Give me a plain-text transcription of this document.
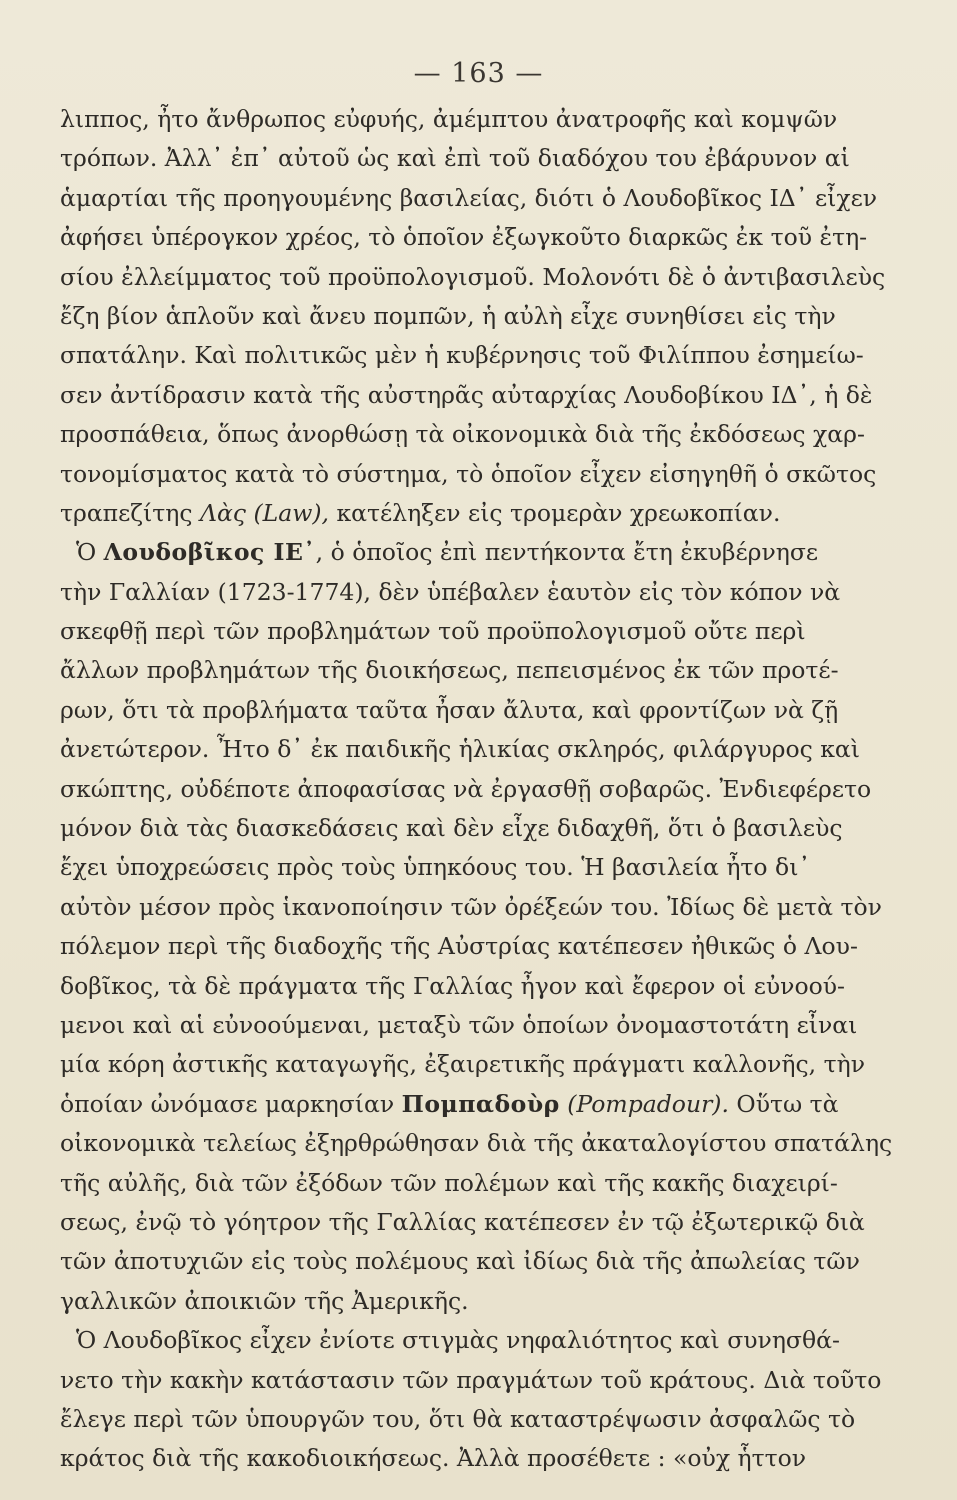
— 163 —
λιππος, ἦτο ἄνθρωπος εὐφυής, ἀμέμπτου ἀνατροφῆς καὶ κομψῶν
τρόπων. Ἀλλ᾽ ἐπ᾽ αὐτοῦ ὡς καὶ ἐπὶ τοῦ διαδόχου του ἐβάρυνον αἱ
ἁμαρτίαι τῆς προηγουμένης βασιλείας, διότι ὁ Λουδοβῖκος ΙΔ᾽ εἶχεν
ἀφήσει ὑπέρογκον χρέος, τὸ ὁποῖον ἐξωγκοῦτο διαρκῶς ἐκ τοῦ ἐτη-
σίου ἐλλείμματος τοῦ προϋπολογισμοῦ. Μολονότι δὲ ὁ ἀντιβασιλεὺς
ἔζη βίον ἁπλοῦν καὶ ἄνευ πομπῶν, ἡ αὐλὴ εἶχε συνηθίσει εἰς τὴν
σπατάλην. Καὶ πολιτικῶς μὲν ἡ κυβέρνησις τοῦ Φιλίππου ἐσημείω-
σεν ἀντίδρασιν κατὰ τῆς αὐστηρᾶς αὐταρχίας Λουδοβίκου ΙΔ᾽, ἡ δὲ
προσπάθεια, ὅπως ἀνορθώσῃ τὰ οἰκονομικὰ διὰ τῆς ἐκδόσεως χαρ-
τονομίσματος κατὰ τὸ σύστημα, τὸ ὁποῖον εἶχεν εἰσηγηθῆ ὁ σκῶτος
τραπεζίτης Λὰς (Law), κατέληξεν εἰς τρομερὰν χρεωκοπίαν.
Ὁ Λουδοβῖκος ΙΕ᾽, ὁ ὁποῖος ἐπὶ πεντήκοντα ἔτη ἐκυβέρνησε
τὴν Γαλλίαν (1723-1774), δὲν ὑπέβαλεν ἑαυτὸν εἰς τὸν κόπον νὰ
σκεφθῇ περὶ τῶν προβλημάτων τοῦ προϋπολογισμοῦ οὔτε περὶ
ἄλλων προβλημάτων τῆς διοικήσεως, πεπεισμένος ἐκ τῶν προτέ-
ρων, ὅτι τὰ προβλήματα ταῦτα ἦσαν ἄλυτα, καὶ φροντίζων νὰ ζῇ
ἀνετώτερον. Ἦτο δ᾽ ἐκ παιδικῆς ἡλικίας σκληρός, φιλάργυρος καὶ
σκώπτης, οὐδέποτε ἀποφασίσας νὰ ἐργασθῇ σοβαρῶς. Ἐνδιεφέρετο
μόνον διὰ τὰς διασκεδάσεις καὶ δὲν εἶχε διδαχθῆ, ὅτι ὁ βασιλεὺς
ἔχει ὑποχρεώσεις πρὸς τοὺς ὑπηκόους του. Ἡ βασιλεία ἦτο δι᾽
αὐτὸν μέσον πρὸς ἱκανοποίησιν τῶν ὀρέξεών του. Ἰδίως δὲ μετὰ τὸν
πόλεμον περὶ τῆς διαδοχῆς τῆς Αὐστρίας κατέπεσεν ἠθικῶς ὁ Λου-
δοβῖκος, τὰ δὲ πράγματα τῆς Γαλλίας ἦγον καὶ ἔφερον οἱ εὐνοού-
μενοι καὶ αἱ εὐνοούμεναι, μεταξὺ τῶν ὁποίων ὀνομαστοτάτη εἶναι
μία κόρη ἀστικῆς καταγωγῆς, ἐξαιρετικῆς πράγματι καλλονῆς, τὴν
ὁποίαν ὠνόμασε μαρκησίαν Πομπαδοὺρ (Pompadour). Οὕτω τὰ
οἰκονομικὰ τελείως ἐξηρθρώθησαν διὰ τῆς ἀκαταλογίστου σπατάλης
τῆς αὐλῆς, διὰ τῶν ἐξόδων τῶν πολέμων καὶ τῆς κακῆς διαχειρί-
σεως, ἐνῷ τὸ γόητρον τῆς Γαλλίας κατέπεσεν ἐν τῷ ἐξωτερικῷ διὰ
τῶν ἀποτυχιῶν εἰς τοὺς πολέμους καὶ ἰδίως διὰ τῆς ἀπωλείας τῶν
γαλλικῶν ἀποικιῶν τῆς Ἀμερικῆς.
Ὁ Λουδοβῖκος εἶχεν ἐνίοτε στιγμὰς νηφαλιότητος καὶ συνησθά-
νετο τὴν κακὴν κατάστασιν τῶν πραγμάτων τοῦ κράτους. Διὰ τοῦτο
ἔλεγε περὶ τῶν ὑπουργῶν του, ὅτι θὰ καταστρέψωσιν ἀσφαλῶς τὸ
κράτος διὰ τῆς κακοδιοικήσεως. Ἀλλὰ προσέθετε : «οὐχ ἧττον
